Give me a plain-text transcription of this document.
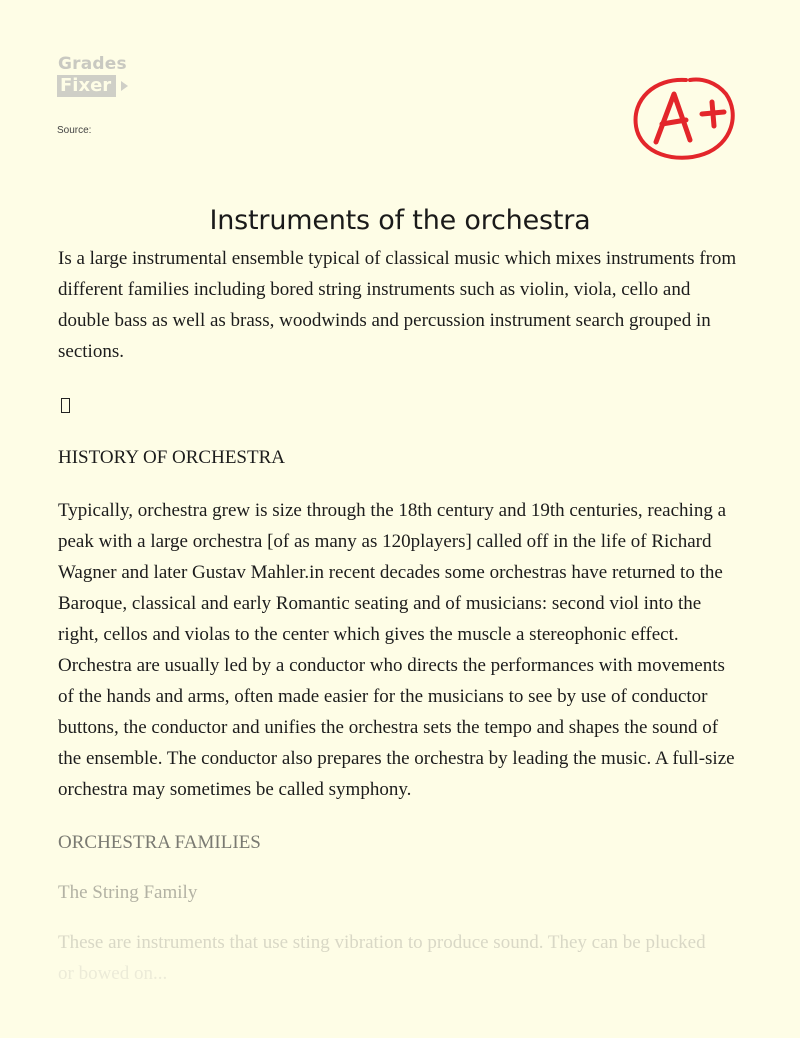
Grades
Fixer
Source:
Instruments of the orchestra

Is a large instrumental ensemble typical of classical music which mixes instruments from different families including bored string instruments such as violin, viola, cello and double bass as well as brass, woodwinds and percussion instrument search grouped in sections.

HISTORY OF ORCHESTRA

Typically, orchestra grew is size through the 18th century and 19th centuries, reaching a peak with a large orchestra [of as many as 120players] called off in the life of Richard Wagner and later Gustav Mahler.in recent decades some orchestras have returned to the Baroque, classical and early Romantic seating and of musicians: second viol into the right, cellos and violas to the center which gives the muscle a stereophonic effect. Orchestra are usually led by a conductor who directs the performances with movements of the hands and arms, often made easier for the musicians to see by use of conductor buttons, the conductor and unifies the orchestra sets the tempo and shapes the sound of the ensemble. The conductor also prepares the orchestra by leading the music. A full-size orchestra may sometimes be called symphony.

ORCHESTRA FAMILIES

The String Family

These are instruments that use sting vibration to produce sound. They can be plucked

or bowed on...
